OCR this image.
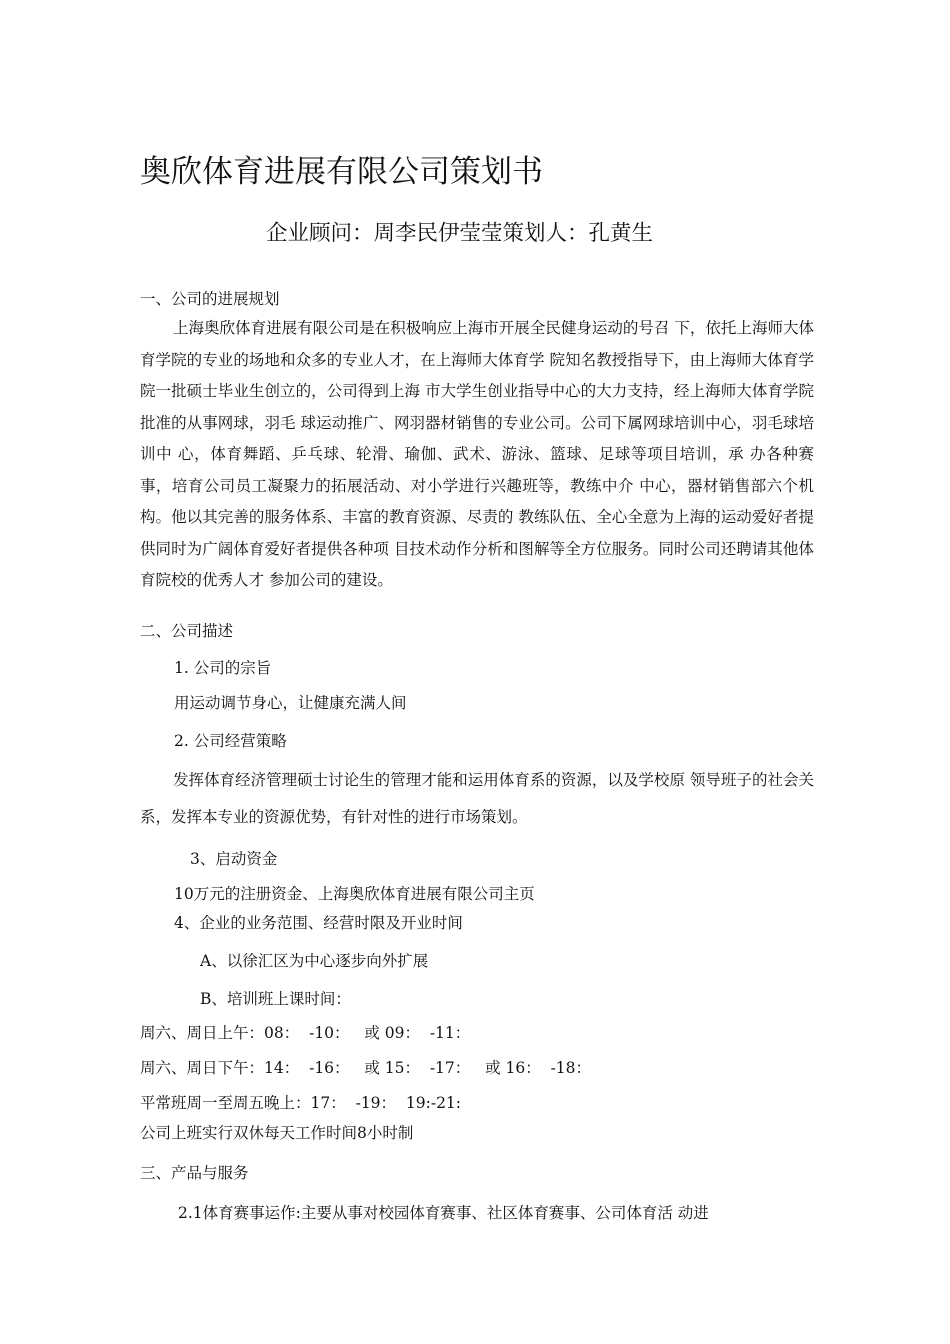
奥欣体育进展有限公司策划书
企业顾问：周李民伊莹莹策划人：孔黄生
一、公司的进展规划

上海奥欣体育进展有限公司是在积极响应上海市开展全民健身运动的号召 下，依托上海师大体育学院的专业的场地和众多的专业人才，在上海师大体育学 院知名教授指导下，由上海师大体育学院一批硕士毕业生创立的，公司得到上海 市大学生创业指导中心的大力支持，经上海师大体育学院批准的从事网球，羽毛 球运动推广、网羽器材销售的专业公司。公司下属网球培训中心，羽毛球培训中 心，体育舞蹈、乒乓球、轮滑、瑜伽、武术、游泳、篮球、足球等项目培训，承 办各种赛事，培育公司员工凝聚力的拓展活动、对小学进行兴趣班等，教练中介 中心，器材销售部六个机构。他以其完善的服务体系、丰富的教育资源、尽责的 教练队伍、全心全意为上海的运动爱好者提供同时为广阔体育爱好者提供各种项 目技术动作分析和图解等全方位服务。同时公司还聘请其他体育院校的优秀人才 参加公司的建设。

二、公司描述
1. 公司的宗旨
用运动调节身心，让健康充满人间
2. 公司经营策略

发挥体育经济管理硕士讨论生的管理才能和运用体育系的资源，以及学校原 领导班子的社会关系，发挥本专业的资源优势，有针对性的进行市场策划。

3、启动资金
10万元的注册资金、上海奥欣体育进展有限公司主页
4、企业的业务范围、经营时限及开业时间
A、以徐汇区为中心逐步向外扩展
B、培训班上课时间：
周六、周日上午：08：  -10：   或 09：  -11：
周六、周日下午：14：  -16：   或 15：  -17：   或 16：  -18：
平常班周一至周五晚上：17：  -19：  19:-21:
公司上班实行双休每天工作时间8小时制
三、产品与服务
2.1体育赛事运作:主要从事对校园体育赛事、社区体育赛事、公司体育活 动进
